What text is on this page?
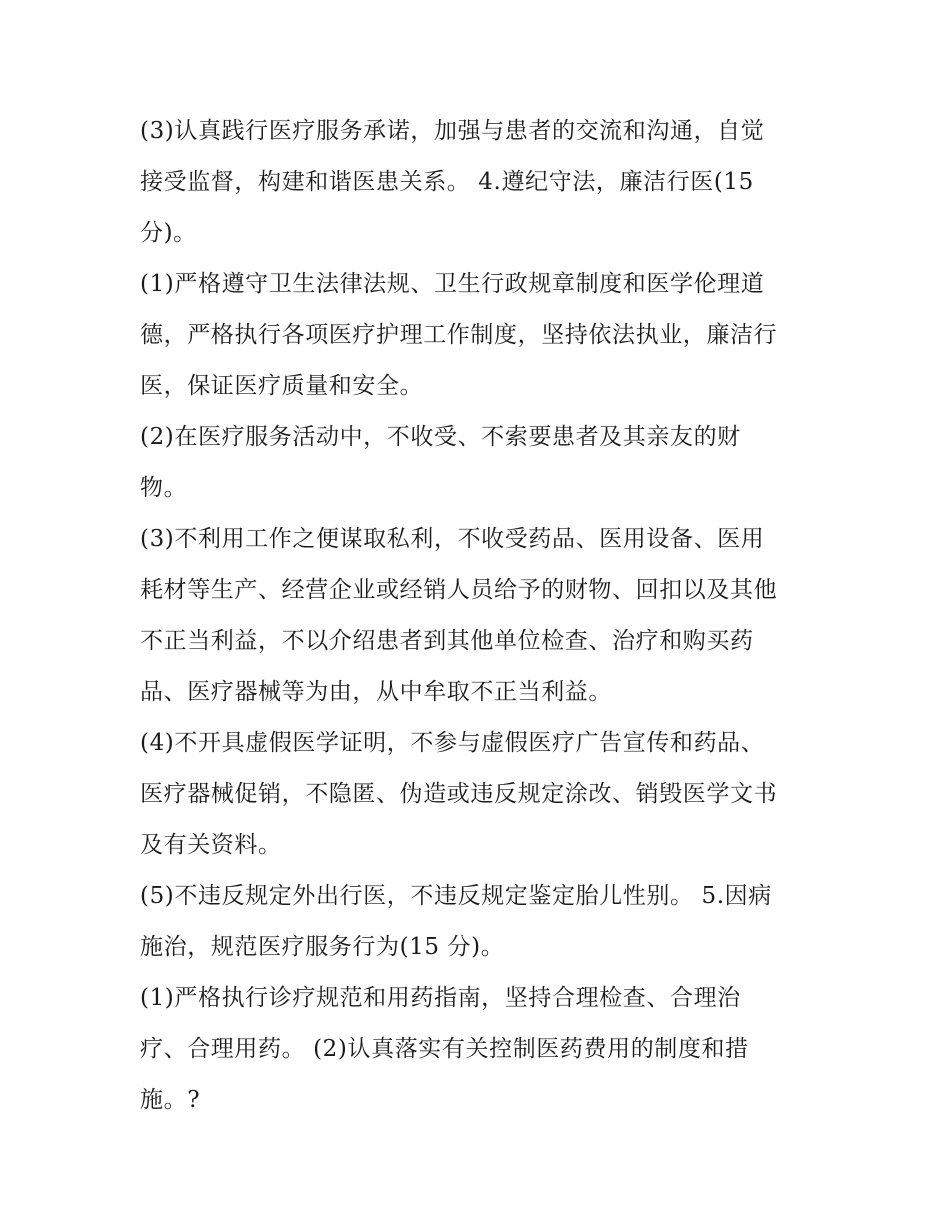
(3)认真践行医疗服务承诺，加强与患者的交流和沟通，自觉
接受监督，构建和谐医患关系。 4.遵纪守法，廉洁行医(15
分)。
(1)严格遵守卫生法律法规、卫生行政规章制度和医学伦理道
德，严格执行各项医疗护理工作制度，坚持依法执业，廉洁行
医，保证医疗质量和安全。
(2)在医疗服务活动中，不收受、不索要患者及其亲友的财
物。
(3)不利用工作之便谋取私利，不收受药品、医用设备、医用
耗材等生产、经营企业或经销人员给予的财物、回扣以及其他
不正当利益，不以介绍患者到其他单位检查、治疗和购买药
品、医疗器械等为由，从中牟取不正当利益。
(4)不开具虚假医学证明，不参与虚假医疗广告宣传和药品、
医疗器械促销，不隐匿、伪造或违反规定涂改、销毁医学文书
及有关资料。
(5)不违反规定外出行医，不违反规定鉴定胎儿性别。 5.因病
施治，规范医疗服务行为(15 分)。
(1)严格执行诊疗规范和用药指南，坚持合理检查、合理治
疗、合理用药。 (2)认真落实有关控制医药费用的制度和措
施。?
